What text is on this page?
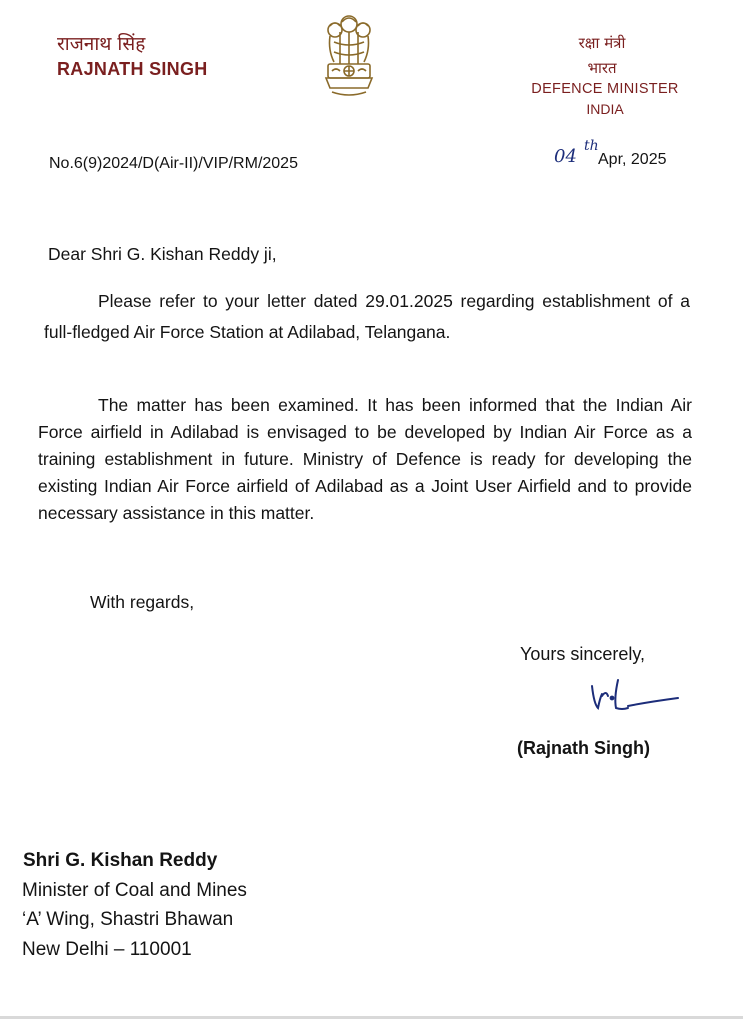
राजनाथ सिंह
RAJNATH SINGH
रक्षा मंत्री
भारत
DEFENCE MINISTER
INDIA
No.6(9)2024/D(Air-II)/VIP/RM/2025	04 th
Apr, 2025
Dear Shri G. Kishan Reddy ji,

Please refer to your letter dated 29.01.2025 regarding establishment of a full-fledged Air Force Station at Adilabad, Telangana.

The matter has been examined. It has been informed that the Indian Air Force airfield in Adilabad is envisaged to be developed by Indian Air Force as a training establishment in future. Ministry of Defence is ready for developing the existing Indian Air Force airfield of Adilabad as a Joint User Airfield and to provide necessary assistance in this matter.

With regards,
Yours sincerely,
(Rajnath Singh)
Shri G. Kishan Reddy
Minister of Coal and Mines
‘A’ Wing, Shastri Bhawan
New Delhi – 110001
